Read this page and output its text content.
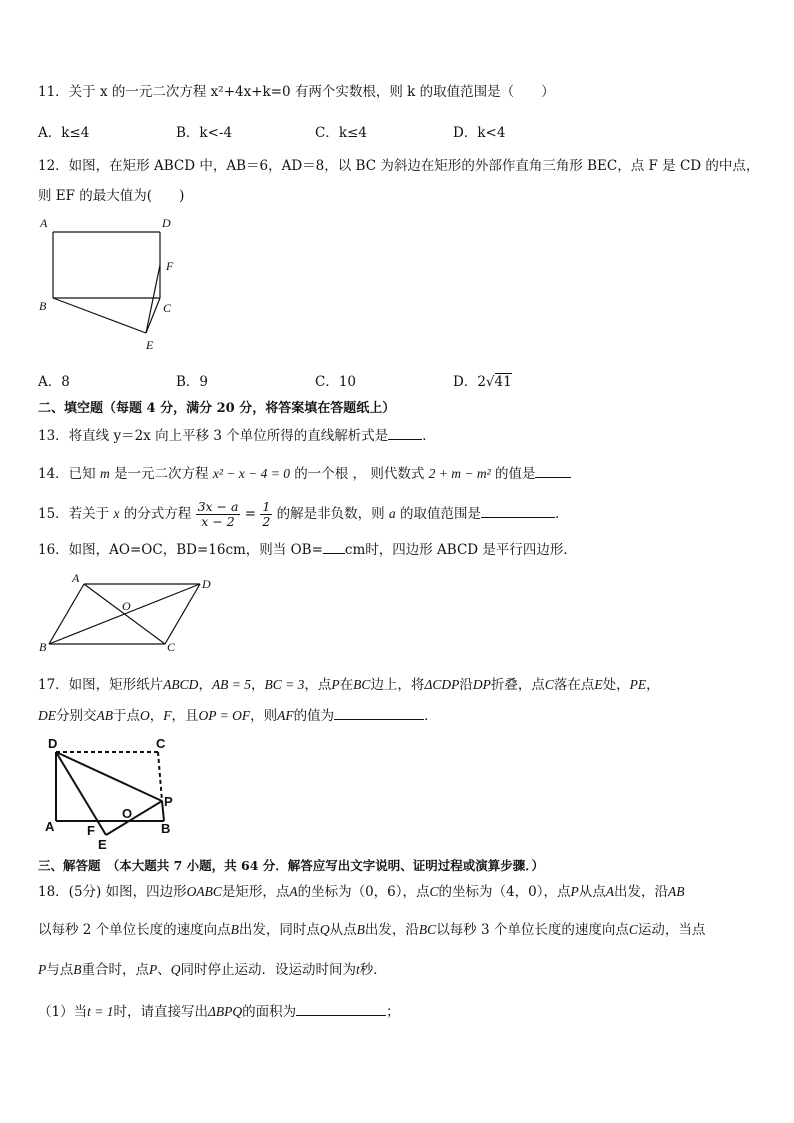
11．关于 x 的一元二次方程 x²+4x+k=0 有两个实数根，则 k 的取值范围是（　　）
A．k≤4	B．k<-4	C．k≤4	D．k<4
12．如图，在矩形 ABCD 中，AB＝6，AD＝8，以 BC 为斜边在矩形的外部作直角三角形 BEC，点 F 是 CD 的中点，
则 EF 的最大值为(　　)
A	D
F
B	C
E
A．8	B．9	C．10	D．2√41
二、填空题（每题 4 分，满分 20 分，将答案填在答题纸上）
13．将直线 y＝2x 向上平移 3 个单位所得的直线解析式是	．
14．已知 m 是一元二次方程 x² − x − 4 = 0 的一个根 ， 则代数式 2 + m − m² 的值是
15．若关于 x 的分式方程 $\frac{3x - a}{x - 2} = \frac{1}{2}$ 的解是非负数，则 a 的取值范围是	．
16．如图，AO=OC，BD=16cm，则当 OB= cm时，四边形 ABCD 是平行四边形．
A	D
O
B	C
17．如图，矩形纸片ABCD，AB = 5，BC = 3，点P在BC边上，将ΔCDP沿DP折叠，点C落在点E处，PE，
DE分别交AB于点O，F，且OP = OF，则AF的值为	．
D	C
P
O
A	F	B
E
三、解答题　（本大题共 7 小题，共 64 分．解答应写出文字说明、证明过程或演算步骤．）
18．(5分) 如图，四边形OABC是矩形，点A的坐标为（0，6），点C的坐标为（4，0），点P从点A出发，沿AB
以每秒 2 个单位长度的速度向点B出发，同时点Q从点B出发，沿BC以每秒 3 个单位长度的速度向点C运动，当点
P与点B重合时，点P、Q同时停止运动．设运动时间为t秒．
（1）当t = 1时，请直接写出ΔBPQ的面积为	；
